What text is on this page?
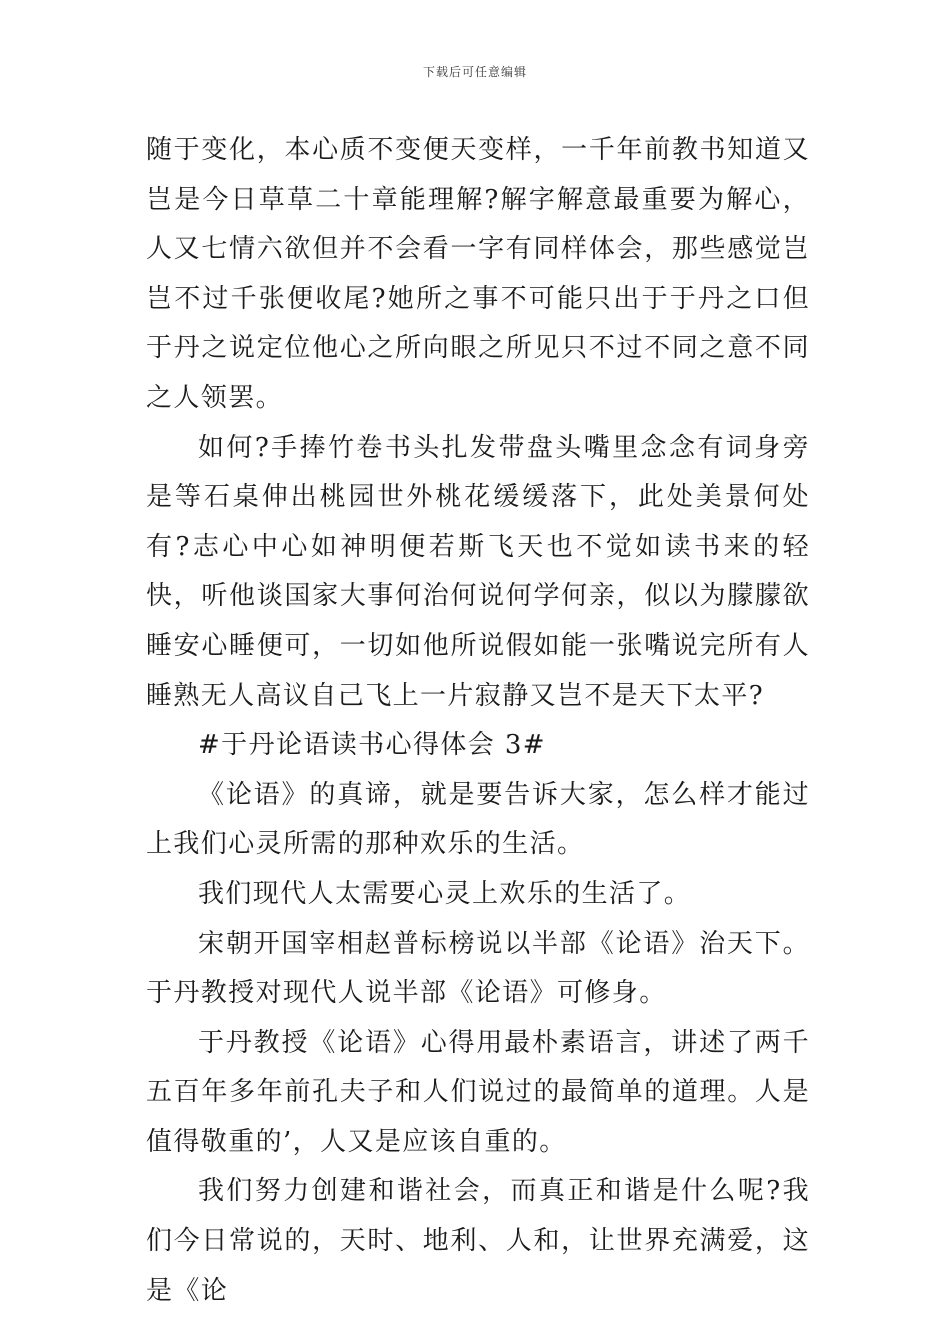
下载后可任意编辑

随于变化，本心质不变便天变样，一千年前教书知道又岂是今日草草二十章能理解?解字解意最重要为解心，人又七情六欲但并不会看一字有同样体会，那些感觉岂岂不过千张便收尾?她所之事不可能只出于于丹之口但于丹之说定位他心之所向眼之所见只不过不同之意不同之人领罢。

如何?手捧竹卷书头扎发带盘头嘴里念念有词身旁是等石桌伸出桃园世外桃花缓缓落下，此处美景何处有?志心中心如神明便若斯飞天也不觉如读书来的轻快，听他谈国家大事何治何说何学何亲，似以为朦朦欲睡安心睡便可，一切如他所说假如能一张嘴说完所有人睡熟无人高议自己飞上一片寂静又岂不是天下太平?

#于丹论语读书心得体会 3#

《论语》的真谛，就是要告诉大家，怎么样才能过上我们心灵所需的那种欢乐的生活。

我们现代人太需要心灵上欢乐的生活了。

宋朝开国宰相赵普标榜说以半部《论语》治天下。于丹教授对现代人说半部《论语》可修身。

于丹教授《论语》心得用最朴素语言，讲述了两千五百年多年前孔夫子和人们说过的最简单的道理。人是值得敬重的’，人又是应该自重的。

我们努力创建和谐社会，而真正和谐是什么呢?我们今日常说的，天时、地利、人和，让世界充满爱，这是《论
